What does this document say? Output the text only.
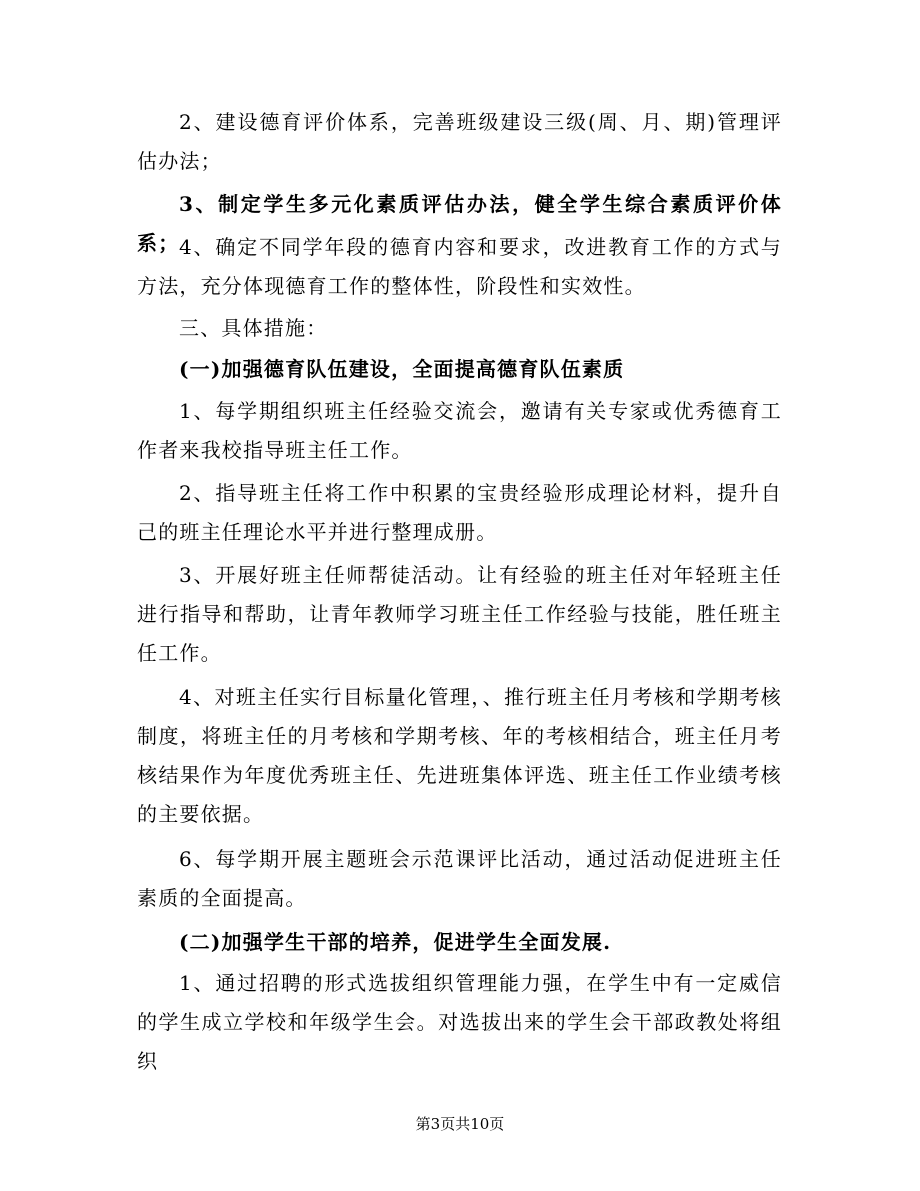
2、建设德育评价体系，完善班级建设三级(周、月、期)管理评估办法；

3、制定学生多元化素质评估办法，健全学生综合素质评价体系； 4、确定不同学年段的德育内容和要求，改进教育工作的方式与方法，充分体现德育工作的整体性，阶段性和实效性。

三、具体措施：

(一)加强德育队伍建设，全面提高德育队伍素质

1、每学期组织班主任经验交流会，邀请有关专家或优秀德育工作者来我校指导班主任工作。

2、指导班主任将工作中积累的宝贵经验形成理论材料，提升自己的班主任理论水平并进行整理成册。

3、开展好班主任师帮徒活动。让有经验的班主任对年轻班主任进行指导和帮助，让青年教师学习班主任工作经验与技能，胜任班主任工作。

4、对班主任实行目标量化管理，、推行班主任月考核和学期考核制度，将班主任的月考核和学期考核、年的考核相结合，班主任月考核结果作为年度优秀班主任、先进班集体评选、班主任工作业绩考核的主要依据。

6、每学期开展主题班会示范课评比活动，通过活动促进班主任素质的全面提高。

(二)加强学生干部的培养，促进学生全面发展.

1、通过招聘的形式选拔组织管理能力强，在学生中有一定威信的学生成立学校和年级学生会。对选拔出来的学生会干部政教处将组织

第3页共10页
